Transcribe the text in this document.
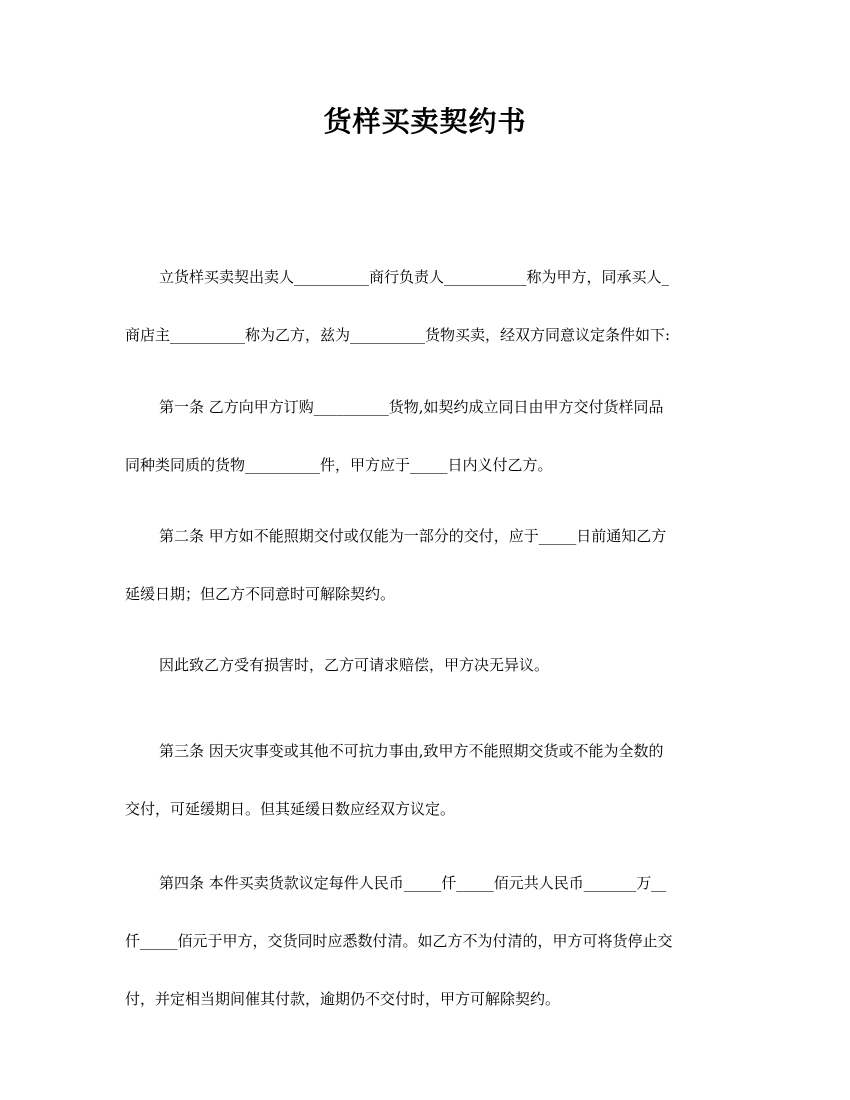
货样买卖契约书
立货样买卖契出卖人__________商行负责人___________称为甲方，同承买人_
商店主__________称为乙方，兹为__________货物买卖，经双方同意议定条件如下:
第一条 乙方向甲方订购__________货物,如契约成立同日由甲方交付货样同品
同种类同质的货物__________件，甲方应于_____日内义付乙方。
第二条 甲方如不能照期交付或仅能为一部分的交付，应于_____日前通知乙方
延缓日期；但乙方不同意时可解除契约。
因此致乙方受有损害时，乙方可请求赔偿，甲方决无异议。
第三条 因天灾事变或其他不可抗力事由,致甲方不能照期交货或不能为全数的
交付，可延缓期日。但其延缓日数应经双方议定。
第四条 本件买卖货款议定每件人民币_____仟_____佰元共人民币_______万__
仟_____佰元于甲方，交货同时应悉数付清。如乙方不为付清的，甲方可将货停止交
付，并定相当期间催其付款，逾期仍不交付时，甲方可解除契约。
